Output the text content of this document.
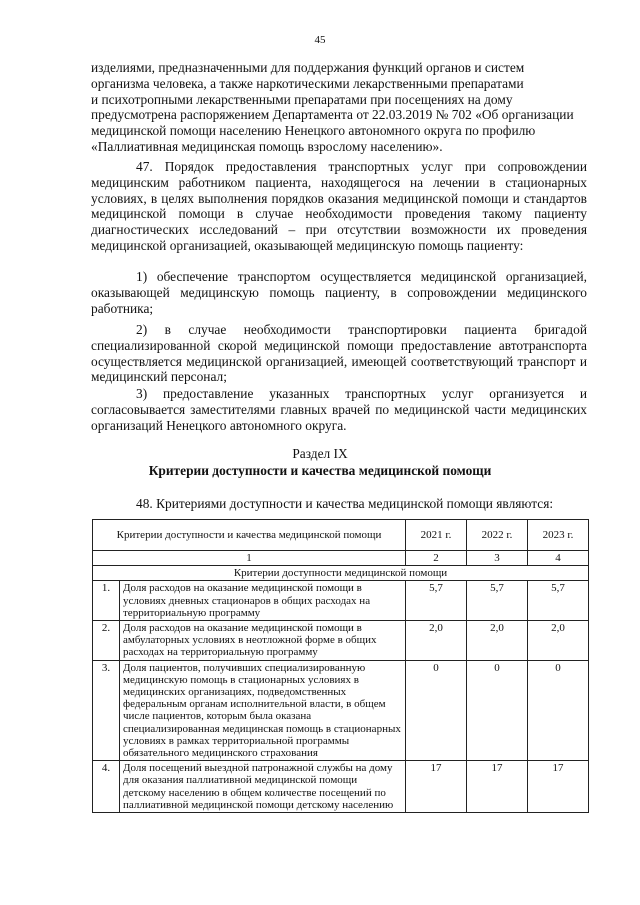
45

изделиями, предназначенными для поддержания функций органов и систем
организма человека, а также наркотическими лекарственными препаратами
и психотропными лекарственными препаратами при посещениях на дому
предусмотрена распоряжением Департамента от 22.03.2019 № 702 «Об организации
медицинской помощи населению Ненецкого автономного округа по профилю
«Паллиативная медицинская помощь взрослому населению».

47. Порядок предоставления транспортных услуг при сопровождении медицинским работником пациента, находящегося на лечении в стационарных условиях, в целях выполнения порядков оказания медицинской помощи и стандартов медицинской помощи в случае необходимости проведения такому пациенту диагностических исследований – при отсутствии возможности их проведения медицинской организацией, оказывающей медицинскую помощь пациенту:

1) обеспечение транспортом осуществляется медицинской организацией, оказывающей медицинскую помощь пациенту, в сопровождении медицинского работника;

2) в случае необходимости транспортировки пациента бригадой специализированной скорой медицинской помощи предоставление автотранспорта осуществляется медицинской организацией, имеющей соответствующий транспорт и медицинский персонал;

3) предоставление указанных транспортных услуг организуется и согласовывается заместителями главных врачей по медицинской части медицинских организаций Ненецкого автономного округа.

Раздел IX
Критерии доступности и качества медицинской помощи

48. Критериями доступности и качества медицинской помощи являются:

Критерии доступности и качества медицинской помощи		2021 г.	2022 г.	2023 г.
1		2	3	4
Критерии доступности медицинской помощи				
1.	Доля расходов на оказание медицинской помощи в условиях дневных стационаров в общих расходах на территориальную программу	5,7	5,7	5,7
2.	Доля расходов на оказание медицинской помощи в амбулаторных условиях в неотложной форме в общих расходах на территориальную программу	2,0	2,0	2,0
3.	Доля пациентов, получивших специализированную медицинскую помощь в стационарных условиях в медицинских организациях, подведомственных федеральным органам исполнительной власти, в общем числе пациентов, которым была оказана специализированная медицинская помощь в стационарных условиях в рамках территориальной программы обязательного медицинского страхования	0	0	0
4.	Доля посещений выездной патронажной службы на дому для оказания паллиативной медицинской помощи детскому населению в общем количестве посещений по паллиативной медицинской помощи детскому населению	17	17	17
